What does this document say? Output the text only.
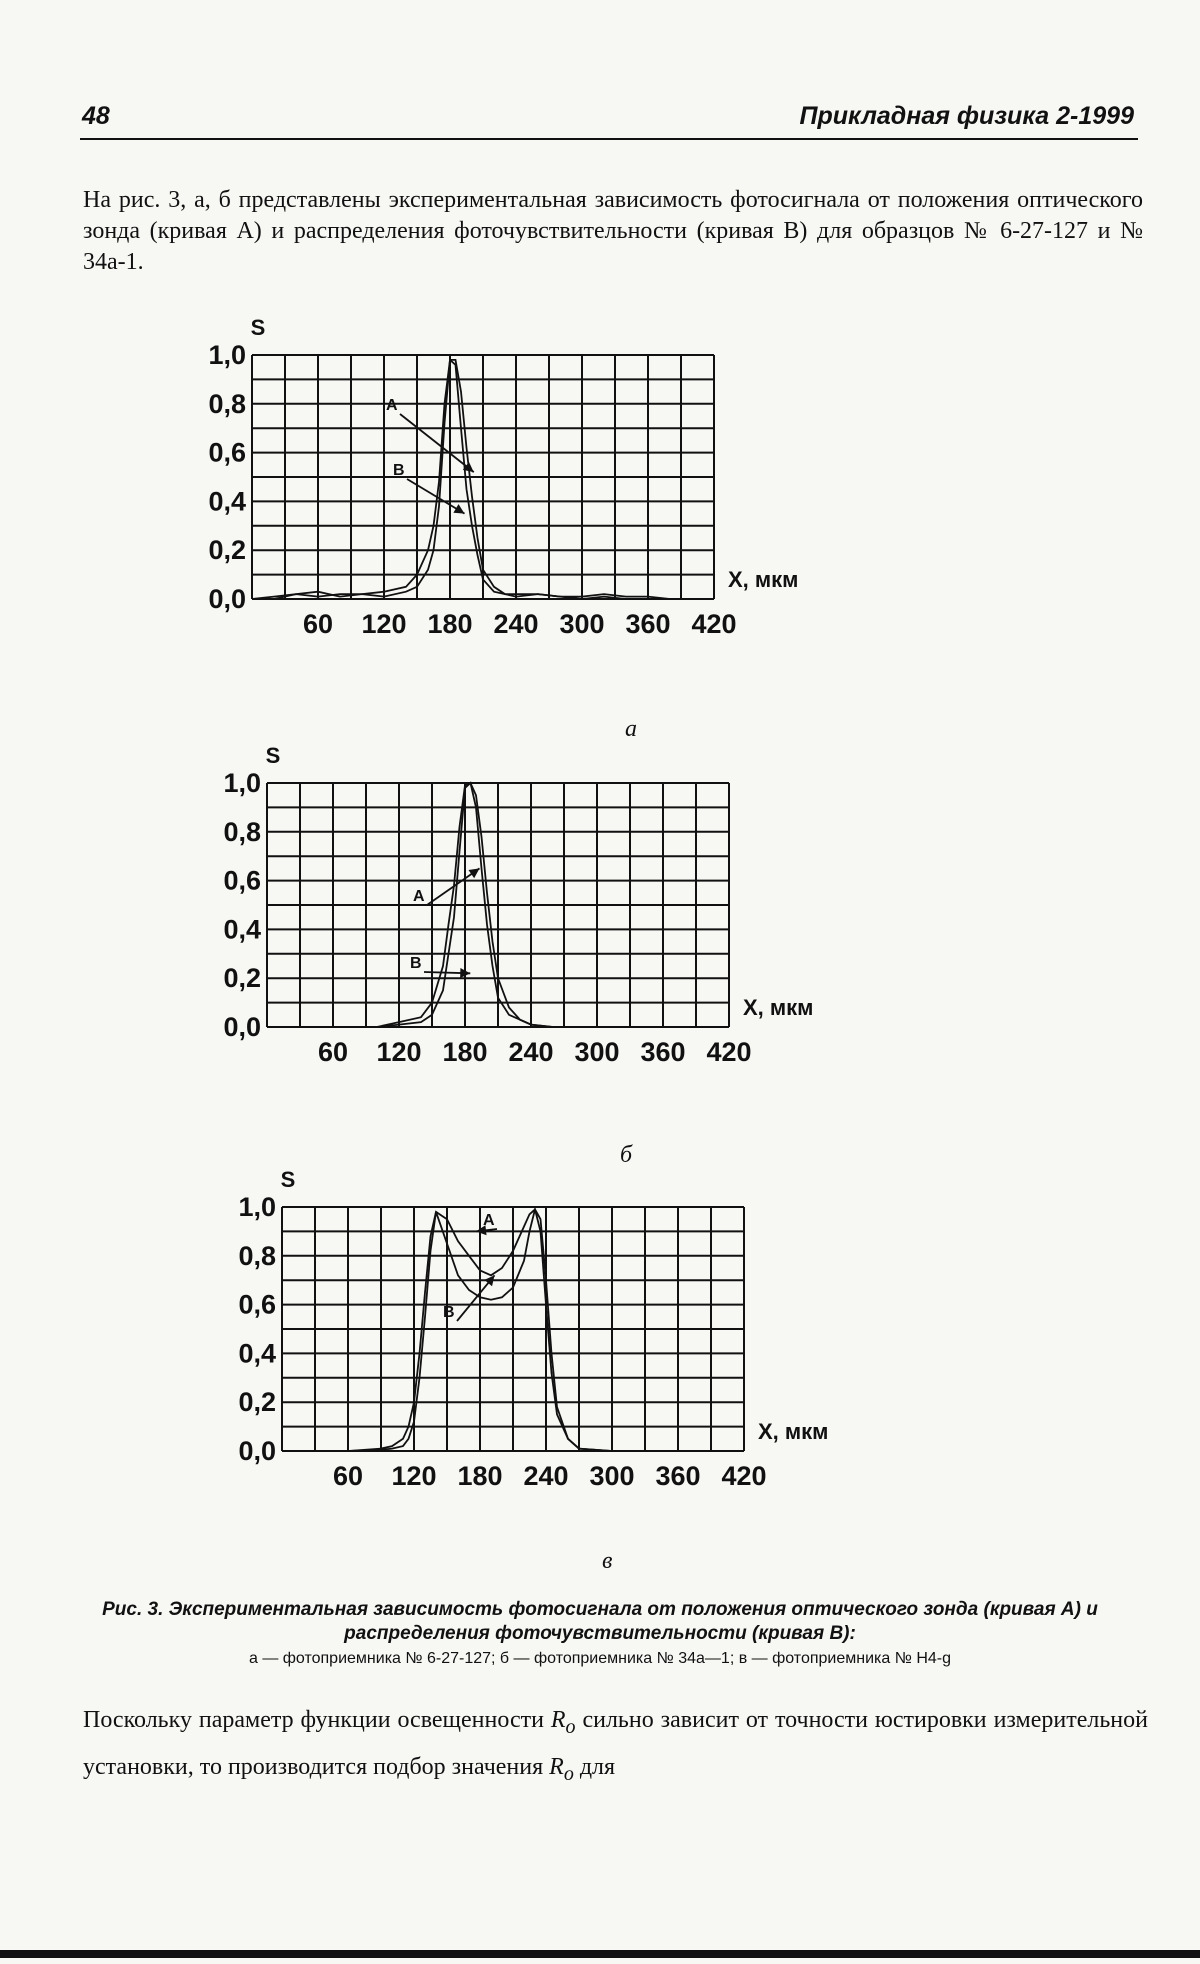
48	Прикладная физика 2-1999
На рис. 3, а, б представлены экспериментальная зависимость фотосигнала от положения оптического зонда (кривая А) и распределения фоточувствительности (кривая В) для образцов № 6-27-127 и № 34а-1.
0,0
0,2
0,4
0,6
0,8
1,0
60 120 180 240 300 360 420
S
X, мкм
A
B
а
0,0
0,2
0,4
0,6
0,8
1,0
60 120 180 240 300 360 420
S
X, мкм
A
B
б
0,0
0,2
0,4
0,6
0,8
1,0
60 120 180 240 300 360 420
S
X, мкм
A
B
в
Рис. 3. Экспериментальная зависимость фотосигнала от положения оптического зонда (кривая А) и распределения фоточувствительности (кривая В):
а — фотоприемника № 6-27-127; б — фотоприемника № 34а—1; в — фотоприемника № Н4-g
Поскольку параметр функции освещенности $R_o$ сильно зависит от точности юстировки измерительной установки, то производится подбор значения $R_o$ для
